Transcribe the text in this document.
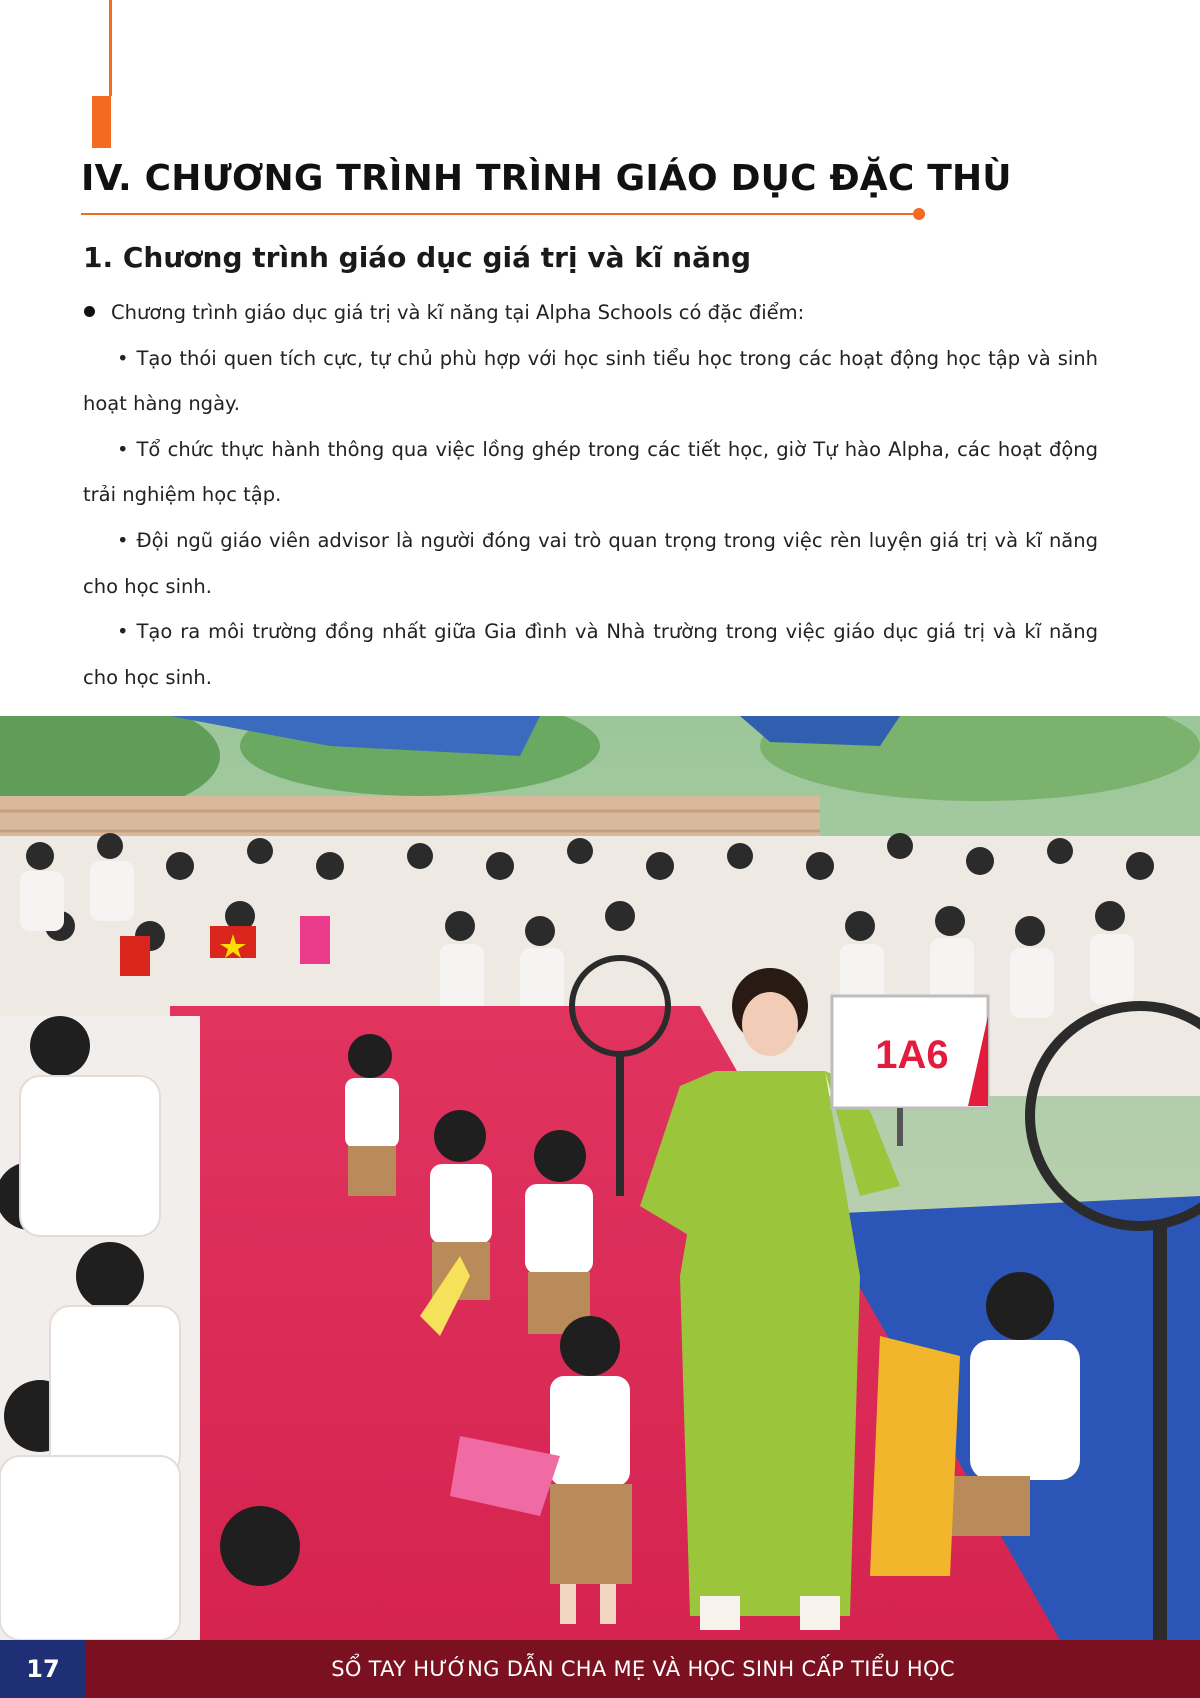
IV. CHƯƠNG TRÌNH TRÌNH GIÁO DỤC ĐẶC THÙ
1. Chương trình giáo dục giá trị và kĩ năng
Chương trình giáo dục giá trị và kĩ năng tại Alpha Schools có đặc điểm:

• Tạo thói quen tích cực, tự chủ phù hợp với học sinh tiểu học trong các hoạt động học tập và sinh hoạt hàng ngày.

• Tổ chức thực hành thông qua việc lồng ghép trong các tiết học, giờ Tự hào Alpha, các hoạt động trải nghiệm học tập.

• Đội ngũ giáo viên advisor là người đóng vai trò quan trọng trong việc rèn luyện giá trị và kĩ năng cho học sinh.

• Tạo ra môi trường đồng nhất giữa Gia đình và Nhà trường trong việc giáo dục giá trị và kĩ năng cho học sinh.

1A6
17	SỔ TAY HƯỚNG DẪN CHA MẸ VÀ HỌC SINH CẤP TIỂU HỌC
